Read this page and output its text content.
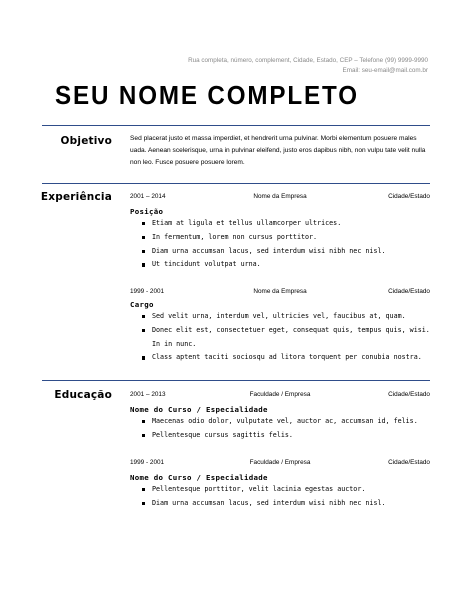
Rua completa, número, complement, Cidade, Estado, CEP – Telefone (99) 9999-9990
Email: seu-email@mail.com.br
SEU NOME COMPLETO
Objetivo	Sed placerat justo et massa imperdiet, et hendrerit urna pulvinar. Morbi elementum posuere males uada. Aenean scelerisque, urna in pulvinar eleifend, justo eros dapibus nibh, non vulpu tate velit nulla non leo. Fusce posuere posuere lorem.
Experiência	2001 – 2014	Nome da Empresa	Cidade/Estado
Posição
Etiam at ligula et tellus ullamcorper ultrices.
In fermentum, lorem non cursus porttitor.
Diam urna accumsan lacus, sed interdum wisi nibh nec nisl.
Ut tincidunt volutpat urna.
1999 - 2001	Nome da Empresa	Cidade/Estado
Cargo
Sed velit urna, interdum vel, ultricies vel, faucibus at, quam.
Donec elit est, consectetuer eget, consequat quis, tempus quis, wisi. In in nunc.
Class aptent taciti sociosqu ad litora torquent per conubia nostra.
Educação	2001 – 2013	Faculdade / Empresa	Cidade/Estado
Nome do Curso / Especialidade
Maecenas odio dolor, vulputate vel, auctor ac, accumsan id, felis.
Pellentesque cursus sagittis felis.
1999 - 2001	Faculdade / Empresa	Cidade/Estado
Nome do Curso / Especialidade
Pellentesque porttitor, velit lacinia egestas auctor.
Diam urna accumsan lacus, sed interdum wisi nibh nec nisl.
